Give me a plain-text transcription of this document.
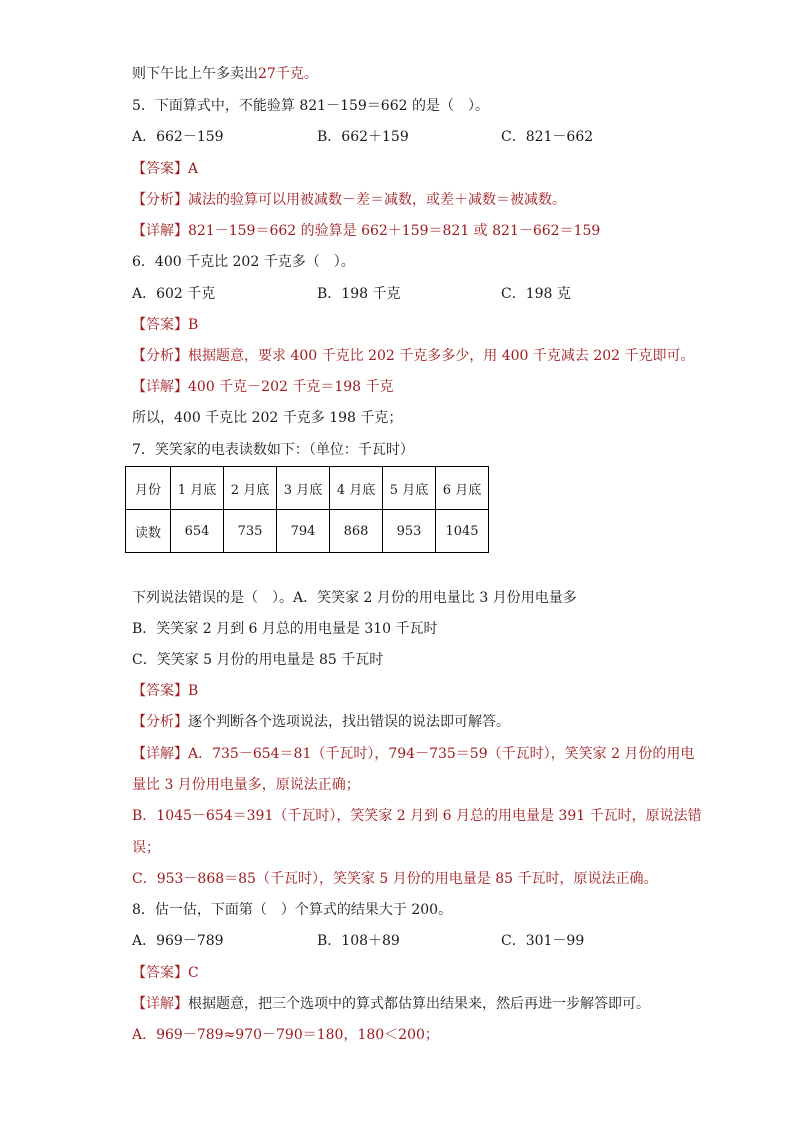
则下午比上午多卖出27千克。
5．下面算式中，不能验算 821－159＝662 的是（　）。
A．662－159	B．662＋159	C．821－662
【答案】A
【分析】减法的验算可以用被减数－差＝减数，或差＋减数＝被减数。
【详解】821－159＝662 的验算是 662＋159＝821 或 821－662＝159
6．400 千克比 202 千克多（　）。
A．602 千克	B．198 千克	C．198 克
【答案】B
【分析】根据题意，要求 400 千克比 202 千克多多少，用 400 千克减去 202 千克即可。
【详解】400 千克－202 千克＝198 千克
所以，400 千克比 202 千克多 198 千克；
7．笑笑家的电表读数如下：（单位：千瓦时）
月份	1 月底	2 月底	3 月底	4 月底	5 月底	6 月底
读数	654	735	794	868	953	1045
下列说法错误的是（　）。A．笑笑家 2 月份的用电量比 3 月份用电量多
B．笑笑家 2 月到 6 月总的用电量是 310 千瓦时
C．笑笑家 5 月份的用电量是 85 千瓦时
【答案】B
【分析】逐个判断各个选项说法，找出错误的说法即可解答。
【详解】A．735－654＝81（千瓦时），794－735＝59（千瓦时），笑笑家 2 月份的用电
量比 3 月份用电量多，原说法正确；
B．1045－654＝391（千瓦时），笑笑家 2 月到 6 月总的用电量是 391 千瓦时，原说法错
误；
C．953－868＝85（千瓦时），笑笑家 5 月份的用电量是 85 千瓦时，原说法正确。
8．估一估，下面第（　）个算式的结果大于 200。
A．969－789	B．108＋89	C．301－99
【答案】C
【详解】根据题意，把三个选项中的算式都估算出结果来，然后再进一步解答即可。
A．969－789≈970－790＝180，180＜200；
